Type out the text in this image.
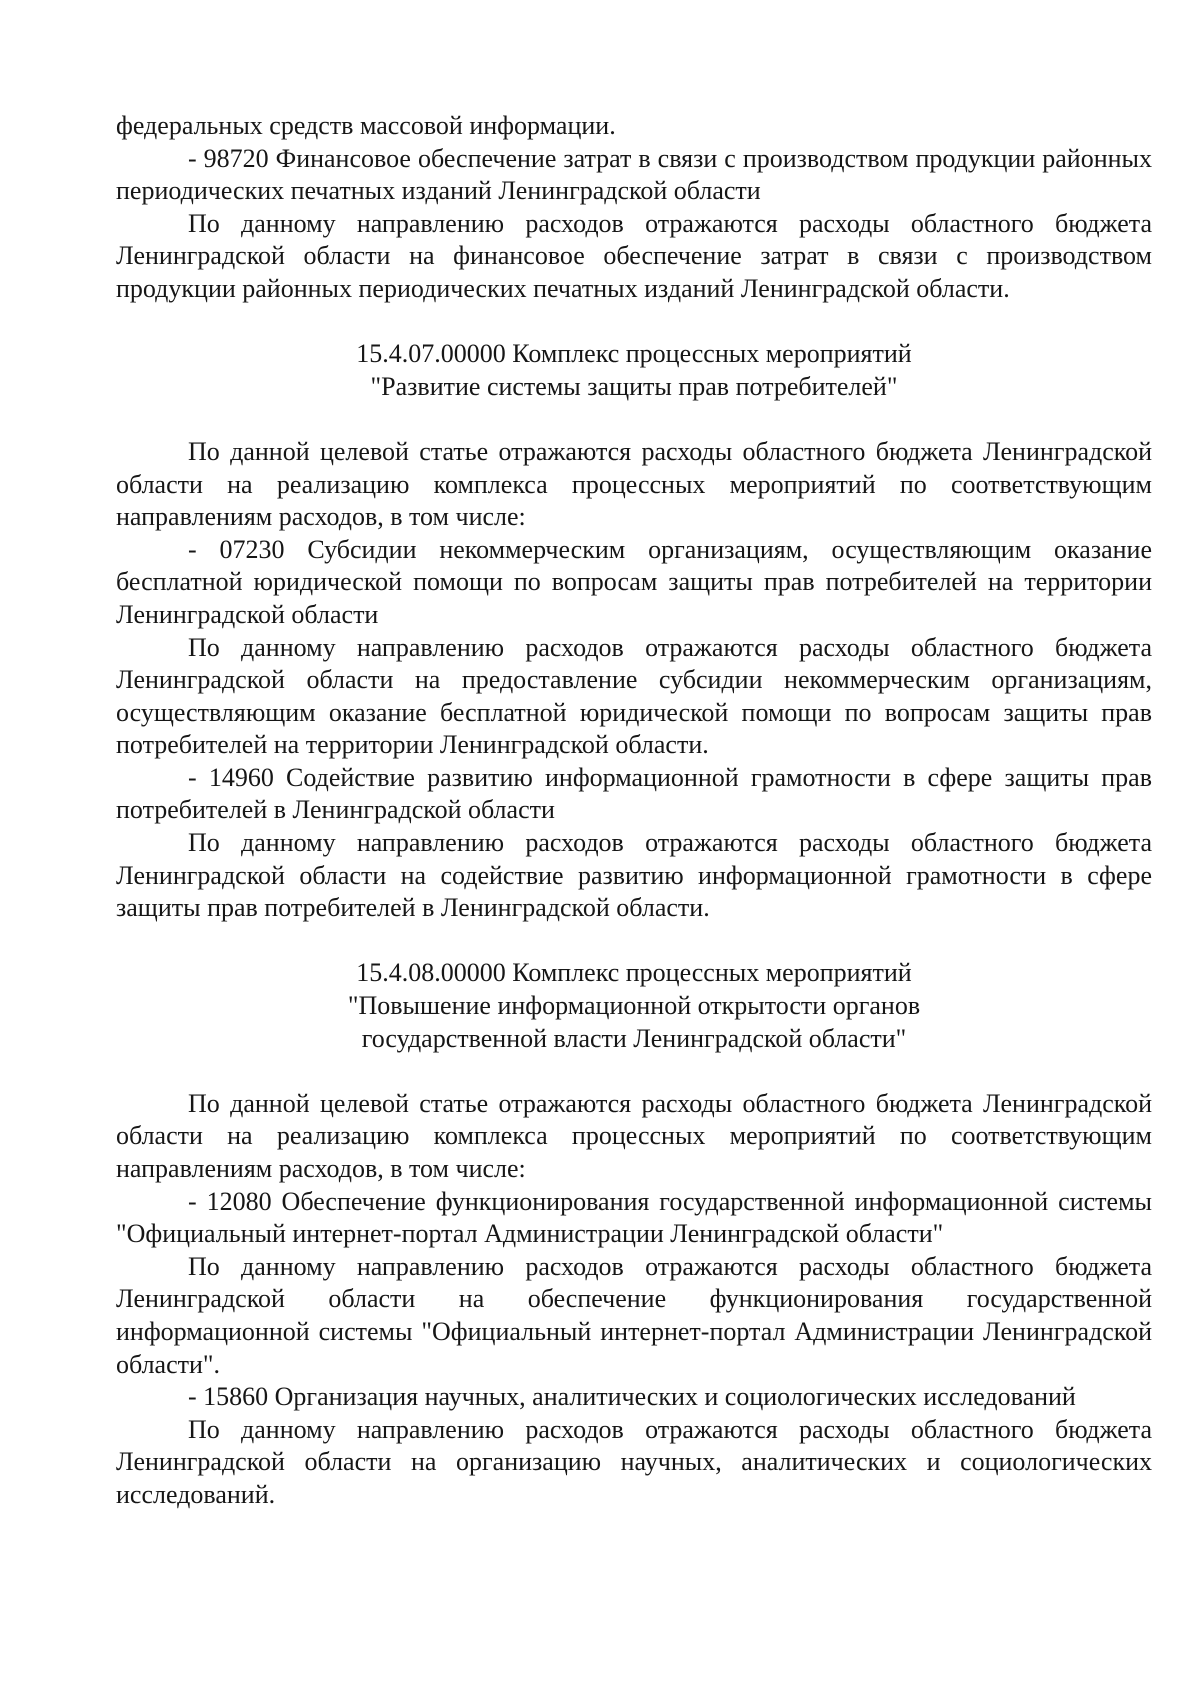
федеральных средств массовой информации.

- 98720 Финансовое обеспечение затрат в связи с производством продукции районных периодических печатных изданий Ленинградской области

По данному направлению расходов отражаются расходы областного бюджета Ленинградской области на финансовое обеспечение затрат в связи с производством продукции районных периодических печатных изданий Ленинградской области.

15.4.07.00000 Комплекс процессных мероприятий
"Развитие системы защиты прав потребителей"

По данной целевой статье отражаются расходы областного бюджета Ленинградской области на реализацию комплекса процессных мероприятий по соответствующим направлениям расходов, в том числе:

- 07230 Субсидии некоммерческим организациям, осуществляющим оказание бесплатной юридической помощи по вопросам защиты прав потребителей на территории Ленинградской области

По данному направлению расходов отражаются расходы областного бюджета Ленинградской области на предоставление субсидии некоммерческим организациям, осуществляющим оказание бесплатной юридической помощи по вопросам защиты прав потребителей на территории Ленинградской области.

- 14960 Содействие развитию информационной грамотности в сфере защиты прав потребителей в Ленинградской области

По данному направлению расходов отражаются расходы областного бюджета Ленинградской области на содействие развитию информационной грамотности в сфере защиты прав потребителей в Ленинградской области.

15.4.08.00000 Комплекс процессных мероприятий
"Повышение информационной открытости органов
государственной власти Ленинградской области"

По данной целевой статье отражаются расходы областного бюджета Ленинградской области на реализацию комплекса процессных мероприятий по соответствующим направлениям расходов, в том числе:

- 12080 Обеспечение функционирования государственной информационной системы "Официальный интернет-портал Администрации Ленинградской области"

По данному направлению расходов отражаются расходы областного бюджета Ленинградской области на обеспечение функционирования государственной информационной системы "Официальный интернет-портал Администрации Ленинградской области".

- 15860 Организация научных, аналитических и социологических исследований

По данному направлению расходов отражаются расходы областного бюджета Ленинградской области на организацию научных, аналитических и социологических исследований.
